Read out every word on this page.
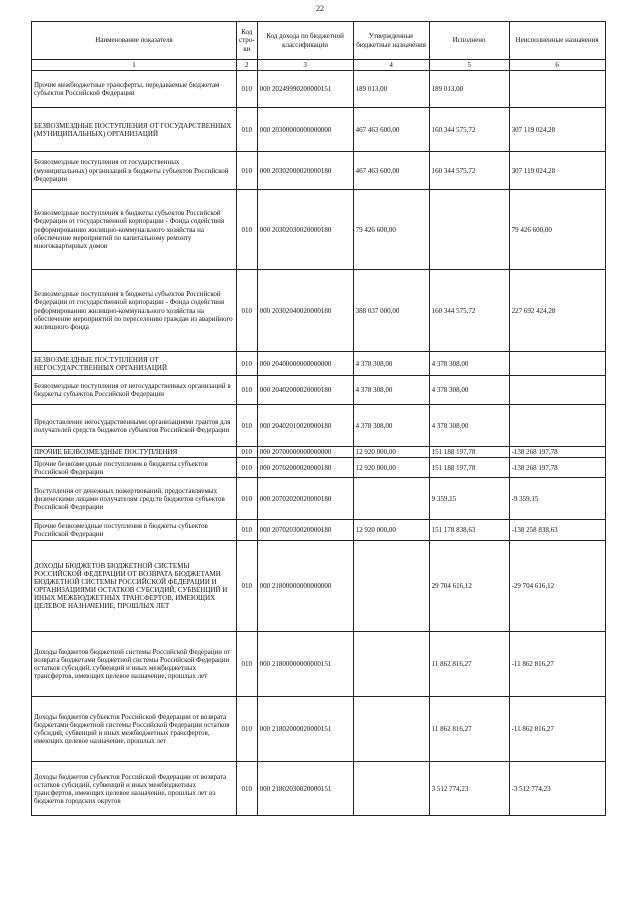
22
Наименование показателя	Код стро-ки	Код дохода по бюджетной классификации	Утвержденные бюджетные назначения	Исполнено	Неисполненные назначения
1	2	3	4	5	6
Прочие межбюджетные трансферты, передаваемые бюджетам субъектов Российской Федерации	010	000 20249990200000151	189 013,00	189 013,00	
БЕЗВОЗМЕЗДНЫЕ ПОСТУПЛЕНИЯ ОТ ГОСУДАРСТВЕННЫХ (МУНИЦИПАЛЬНЫХ) ОРГАНИЗАЦИЙ	010	000 20300000000000000	467 463 600,00	160 344 575,72	307 119 024,28
Безвозмездные поступления от государственных (муниципальных) организаций в бюджеты субъектов Российской Федерации	010	000 20302000020000180	467 463 600,00	160 344 575,72	307 119 024,28
Безвозмездные поступления в бюджеты субъектов Российской Федерации от государственной корпорации - Фонда содействия реформированию жилищно-коммунального хозяйства на обеспечение мероприятий по капитальному ремонту многоквартирных домов	010	000 20302030020000180	79 426 600,00		79 426 600,00
Безвозмездные поступления в бюджеты субъектов Российской Федерации от государственной корпорации - Фонда содействия реформированию жилищно-коммунального хозяйства на обеспечение мероприятий по переселению граждан из аварийного жилищного фонда	010	000 20302040020000180	388 037 000,00	160 344 575,72	227 692 424,28
БЕЗВОЗМЕЗДНЫЕ ПОСТУПЛЕНИЯ ОТ НЕГОСУДАРСТВЕННЫХ ОРГАНИЗАЦИЙ	010	000 20400000000000000	4 378 308,00	4 378 308,00	
Безвозмездные поступления от негосударственных организаций в бюджеты субъектов Российской Федерации	010	000 20402000020000180	4 378 308,00	4 378 308,00	
Предоставление негосударственными организациями грантов для получателей средств бюджетов субъектов Российской Федерации	010	000 20402010020000180	4 378 308,00	4 378 308,00	
ПРОЧИЕ БЕЗВОЗМЕЗДНЫЕ ПОСТУПЛЕНИЯ	010	000 20700000000000000	12 920 000,00	151 188 197,78	-138 268 197,78
Прочие безвозмездные поступления в бюджеты субъектов Российской Федерации	010	000 20702000020000180	12 920 000,00	151 188 197,78	-138 268 197,78
Поступления от денежных пожертвований, предоставляемых физическими лицами получателям средств бюджетов субъектов Российской Федерации	010	000 20702020020000180		9 359,15	-9 359,15
Прочие безвозмездные поступления в бюджеты субъектов Российской Федерации	010	000 20702030020000180	12 920 000,00	151 178 838,63	-138 258 838,63
ДОХОДЫ БЮДЖЕТОВ БЮДЖЕТНОЙ СИСТЕМЫ РОССИЙСКОЙ ФЕДЕРАЦИИ ОТ ВОЗВРАТА БЮДЖЕТАМИ БЮДЖЕТНОЙ СИСТЕМЫ РОССИЙСКОЙ ФЕДЕРАЦИИ И ОРГАНИЗАЦИЯМИ ОСТАТКОВ СУБСИДИЙ, СУБВЕНЦИЙ И ИНЫХ МЕЖБЮДЖЕТНЫХ ТРАНСФЕРТОВ, ИМЕЮЩИХ ЦЕЛЕВОЕ НАЗНАЧЕНИЕ, ПРОШЛЫХ ЛЕТ	010	000 21800000000000000		29 704 616,12	-29 704 616,12
Доходы бюджетов бюджетной системы Российской Федерации от возврата бюджетами бюджетной системы Российской Федерации остатков субсидий, субвенций и иных межбюджетных трансфертов, имеющих целевое назначение, прошлых лет	010	000 21800000000000151		11 862 816,27	-11 862 816,27
Доходы бюджетов субъектов Российской Федерации от возврата бюджетами бюджетной системы Российской Федерации остатков субсидий, субвенций и иных межбюджетных трансфертов, имеющих целевое назначение, прошлых лет	010	000 21802000020000151		11 862 816,27	-11 862 816,27
Доходы бюджетов субъектов Российской Федерации от возврата остатков субсидий, субвенций и иных межбюджетных трансфертов, имеющих целевое назначение, прошлых лет из бюджетов городских округов	010	000 21802030020000151		3 512 774,23	-3 512 774,23
